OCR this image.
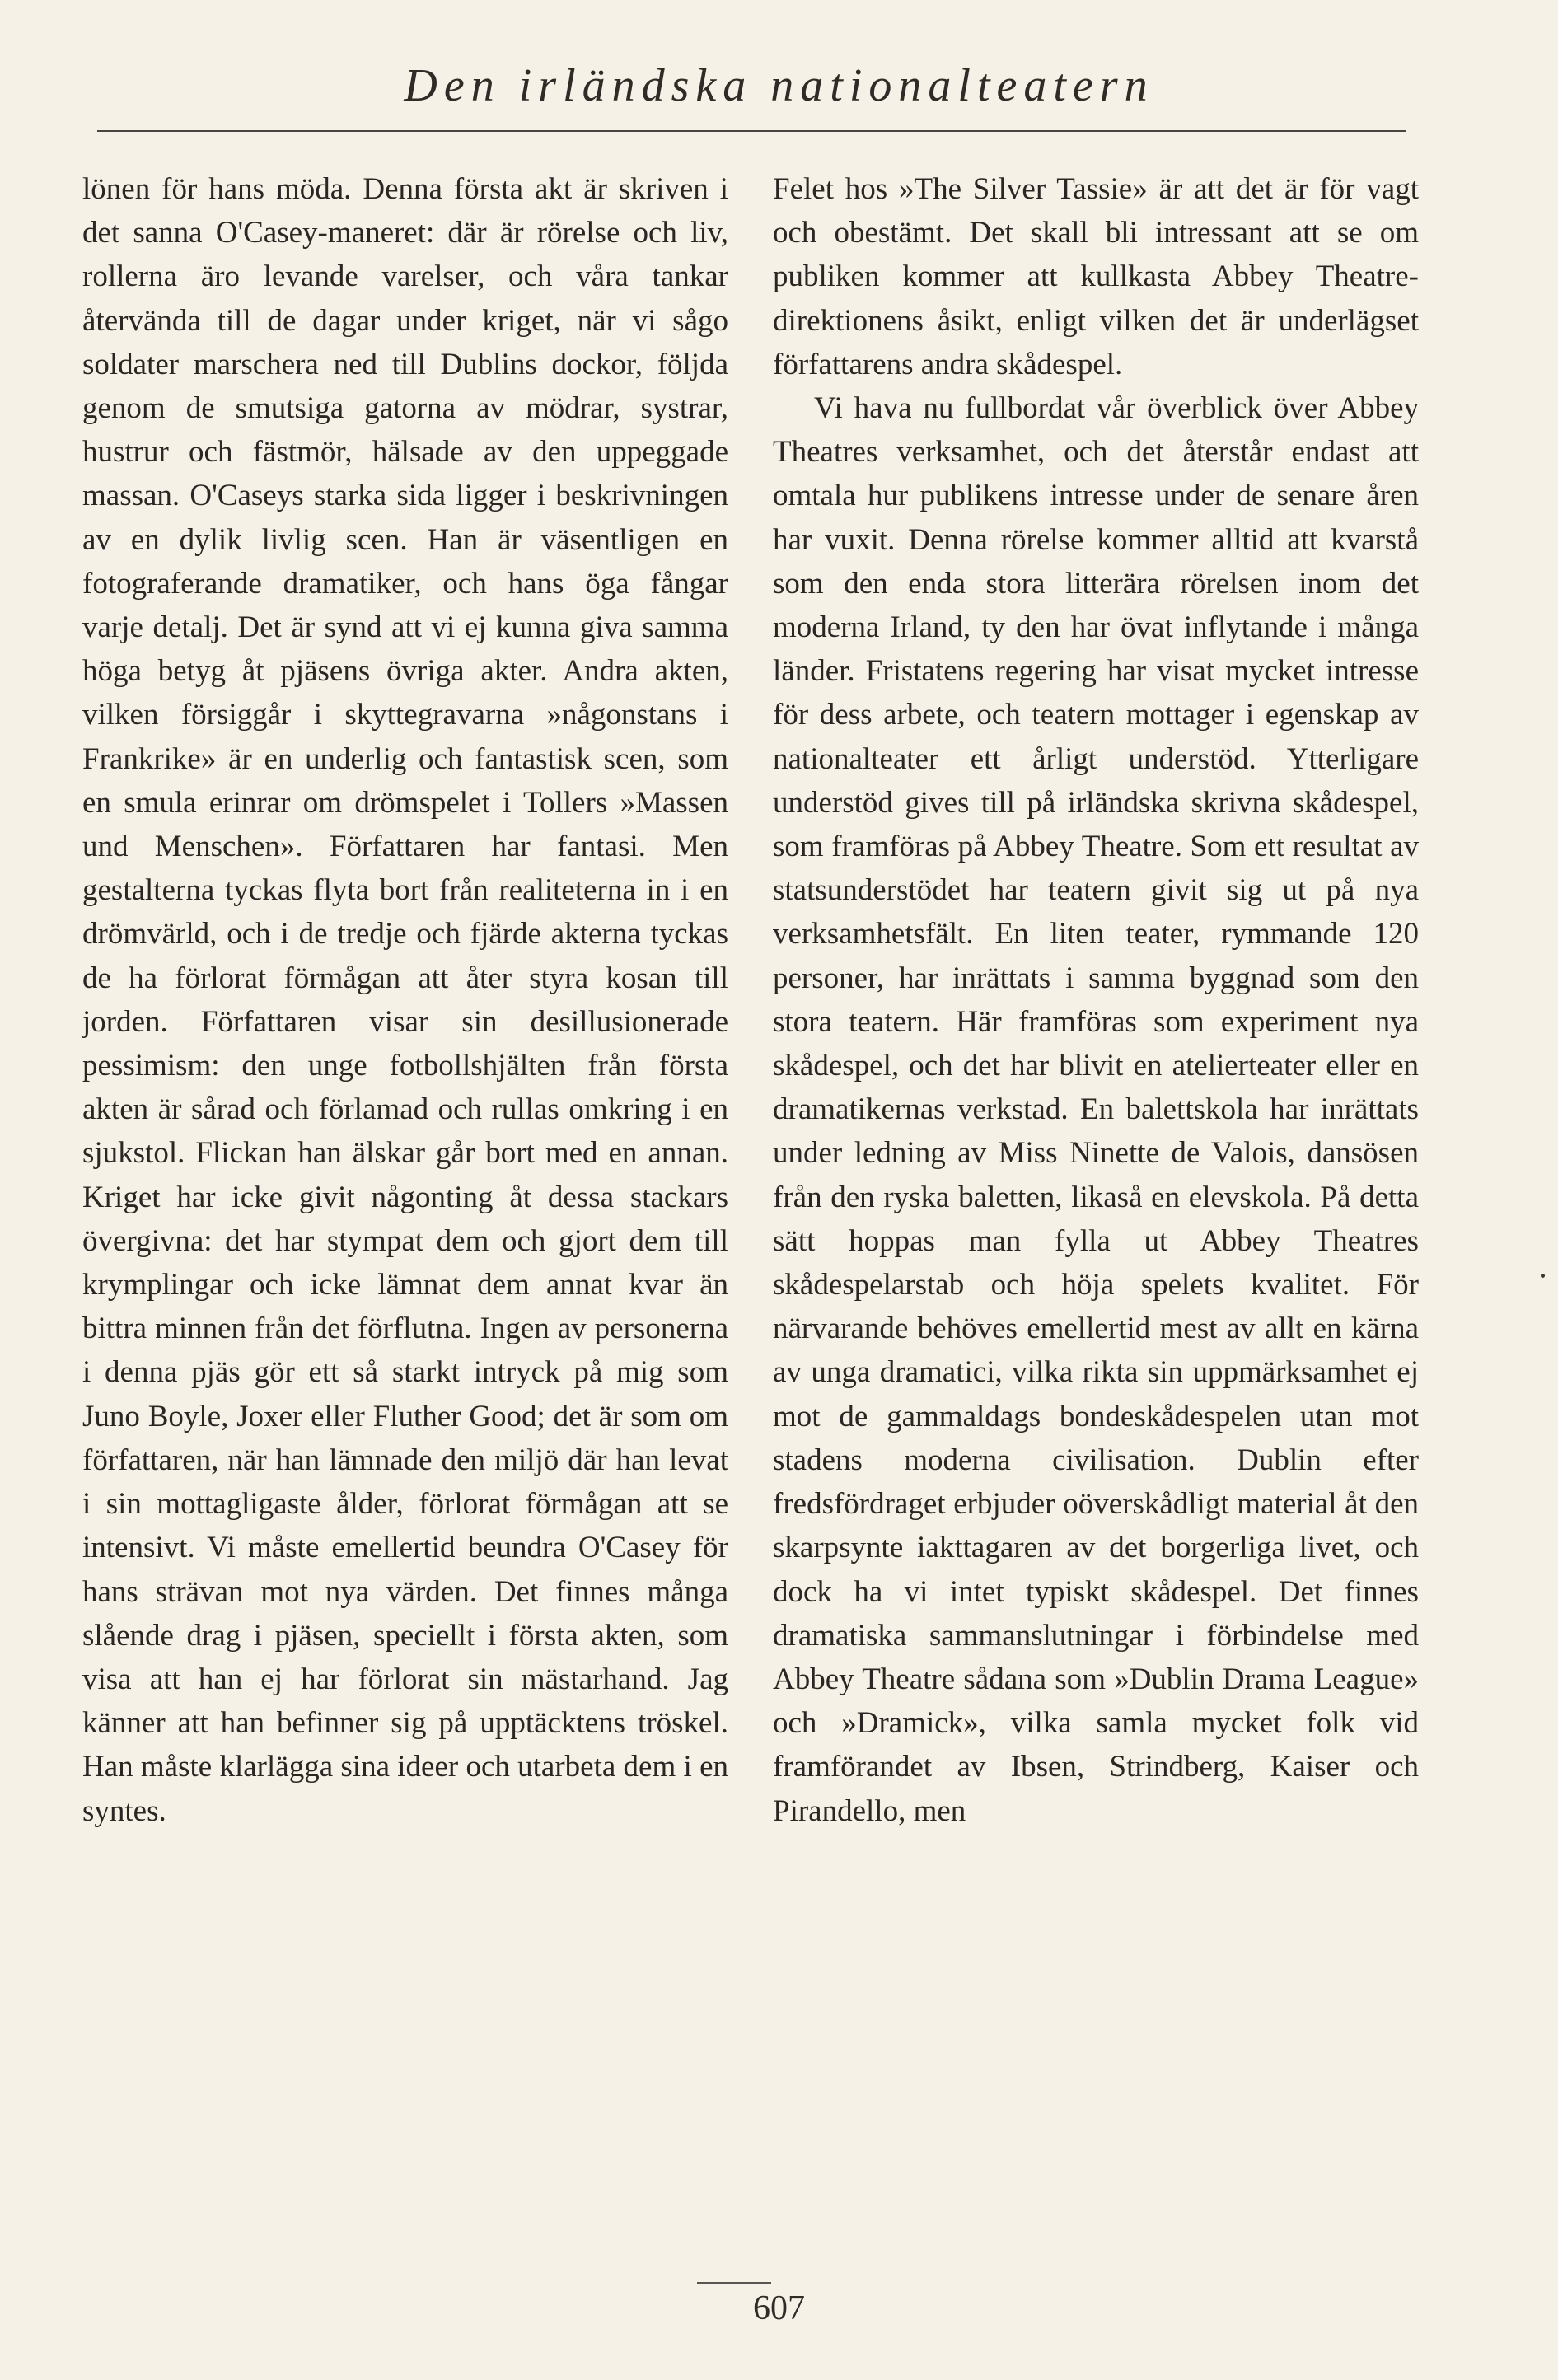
Den irländska nationalteatern

lönen för hans möda. Denna första akt är skriven i det sanna O'Casey-maneret: där är rörelse och liv, rollerna äro levande varelser, och våra tankar återvända till de dagar under kriget, när vi sågo soldater marschera ned till Dublins dockor, följda genom de smutsiga gatorna av mödrar, systrar, hustrur och fästmör, hälsade av den uppeggade massan. O'Caseys starka sida ligger i beskrivningen av en dylik livlig scen. Han är väsentligen en fotograferande dramatiker, och hans öga fångar varje detalj. Det är synd att vi ej kunna giva samma höga betyg åt pjäsens övriga akter. Andra akten, vilken försiggår i skyttegravarna »någonstans i Frankrike» är en underlig och fantastisk scen, som en smula erinrar om drömspelet i Tollers »Massen und Menschen». Författaren har fantasi. Men gestalterna tyckas flyta bort från realiteterna in i en drömvärld, och i de tredje och fjärde akterna tyckas de ha förlorat förmågan att åter styra kosan till jorden. Författaren visar sin desillusionerade pessimism: den unge fotbollshjälten från första akten är sårad och förlamad och rullas omkring i en sjukstol. Flickan han älskar går bort med en annan. Kriget har icke givit någonting åt dessa stackars övergivna: det har stympat dem och gjort dem till krymplingar och icke lämnat dem annat kvar än bittra minnen från det förflutna. Ingen av personerna i denna pjäs gör ett så starkt intryck på mig som Juno Boyle, Joxer eller Fluther Good; det är som om författaren, när han lämnade den miljö där han levat i sin mottagligaste ålder, förlorat förmågan att se intensivt. Vi måste emellertid beundra O'Casey för hans strävan mot nya värden. Det finnes många slående drag i pjäsen, speciellt i första akten, som visa att han ej har förlorat sin mästarhand. Jag känner att han befinner sig på upptäcktens tröskel. Han måste klarlägga sina ideer och utarbeta dem i en syntes.

Felet hos »The Silver Tassie» är att det är för vagt och obestämt. Det skall bli intressant att se om publiken kommer att kullkasta Abbey Theatre-direktionens åsikt, enligt vilken det är underlägset författarens andra skådespel.

Vi hava nu fullbordat vår överblick över Abbey Theatres verksamhet, och det återstår endast att omtala hur publikens intresse under de senare åren har vuxit. Denna rörelse kommer alltid att kvarstå som den enda stora litterära rörelsen inom det moderna Irland, ty den har övat inflytande i många länder. Fristatens regering har visat mycket intresse för dess arbete, och teatern mottager i egenskap av nationalteater ett årligt understöd. Ytterligare understöd gives till på irländska skrivna skådespel, som framföras på Abbey Theatre. Som ett resultat av statsunderstödet har teatern givit sig ut på nya verksamhetsfält. En liten teater, rymmande 120 personer, har inrättats i samma byggnad som den stora teatern. Här framföras som experiment nya skådespel, och det har blivit en atelierteater eller en dramatikernas verkstad. En balettskola har inrättats under ledning av Miss Ninette de Valois, dansösen från den ryska baletten, likaså en elevskola. På detta sätt hoppas man fylla ut Abbey Theatres skådespelarstab och höja spelets kvalitet. För närvarande behöves emellertid mest av allt en kärna av unga dramatici, vilka rikta sin uppmärksamhet ej mot de gammaldags bondeskådespelen utan mot stadens moderna civilisation. Dublin efter fredsfördraget erbjuder oöverskådligt material åt den skarpsynte iakttagaren av det borgerliga livet, och dock ha vi intet typiskt skådespel. Det finnes dramatiska sammanslutningar i förbindelse med Abbey Theatre sådana som »Dublin Drama League» och »Dramick», vilka samla mycket folk vid framförandet av Ibsen, Strindberg, Kaiser och Pirandello, men

607
